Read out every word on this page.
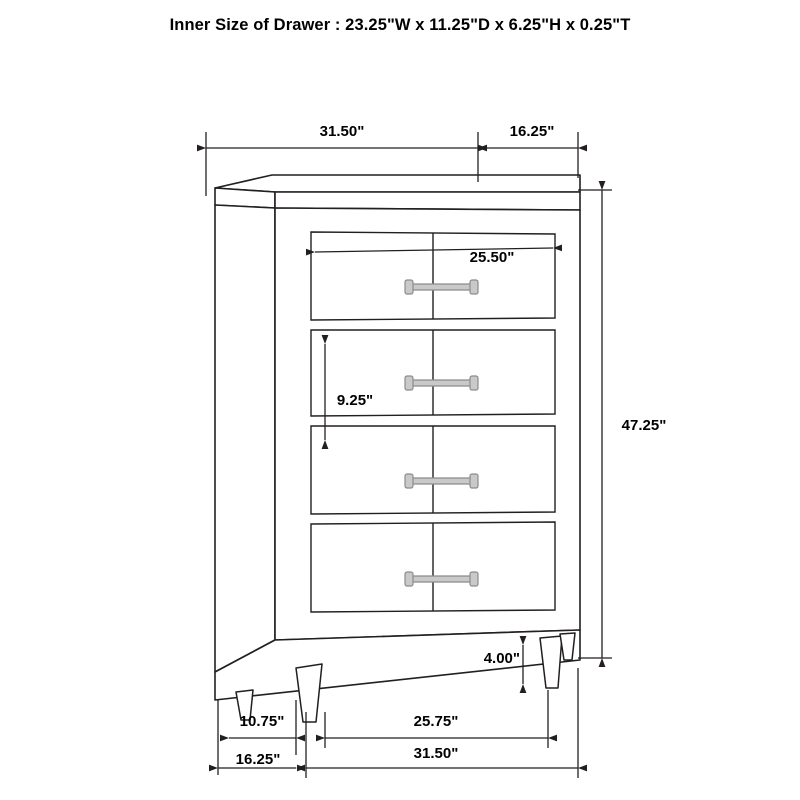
Inner Size of Drawer : 23.25"W x 11.25"D x 6.25"H x 0.25"T
31.50"	16.25"
25.50"
9.25"
47.25"
4.00"
10.75"
16.25"
25.75"
31.50"
